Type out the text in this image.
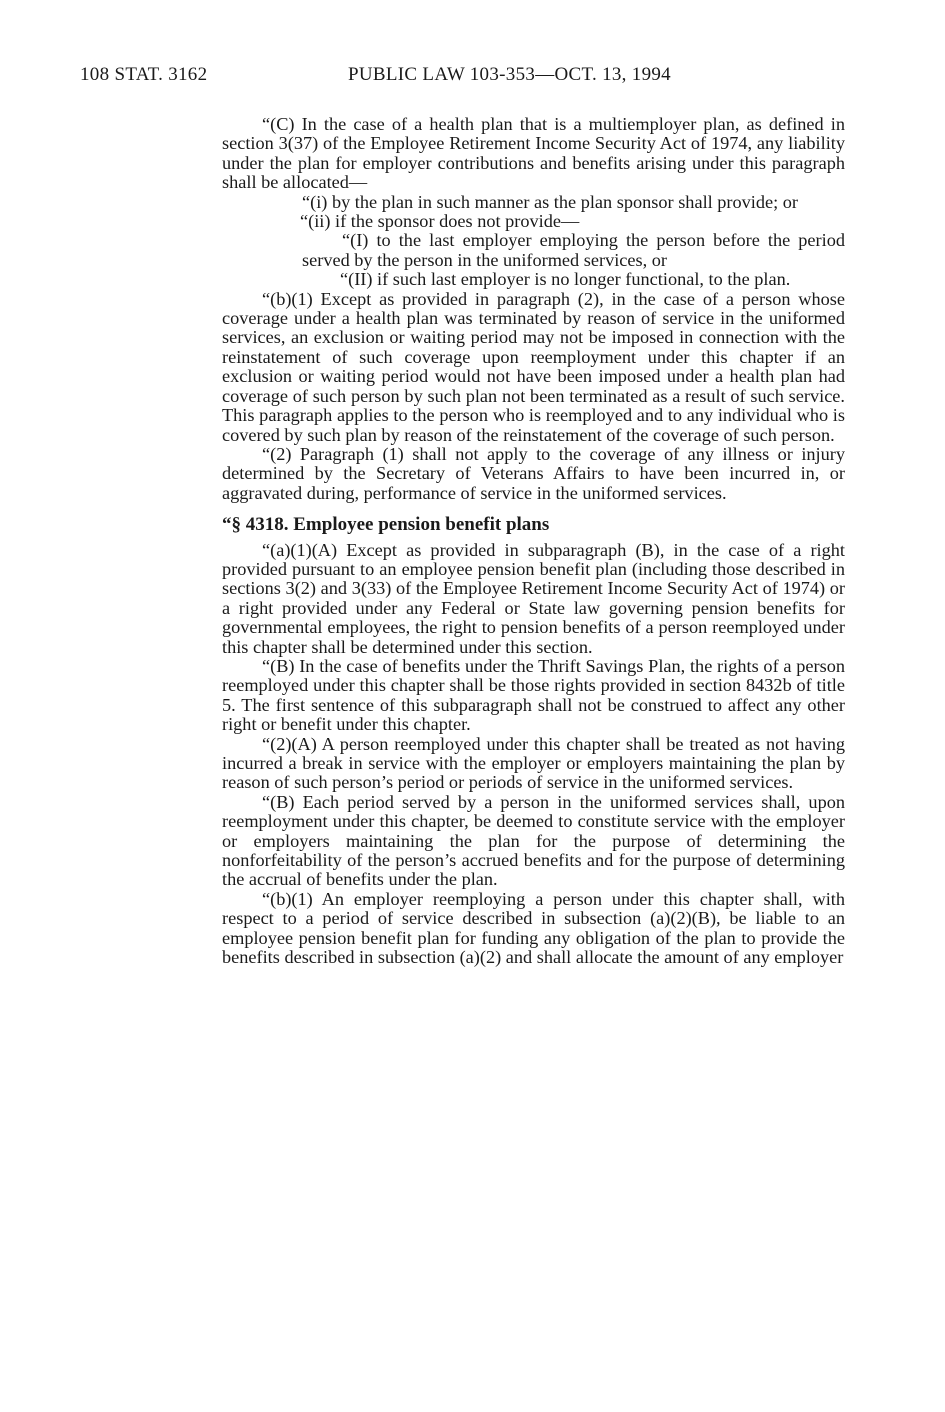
108 STAT. 3162	PUBLIC LAW 103-353—OCT. 13, 1994

“(C) In the case of a health plan that is a multiemployer plan, as defined in section 3(37) of the Employee Retirement Income Security Act of 1974, any liability under the plan for employer contributions and benefits arising under this paragraph shall be allocated—

“(i) by the plan in such manner as the plan sponsor shall provide; or

“(ii) if the sponsor does not provide—

“(I) to the last employer employing the person before the period served by the person in the uniformed services, or

“(II) if such last employer is no longer functional, to the plan.

“(b)(1) Except as provided in paragraph (2), in the case of a person whose coverage under a health plan was terminated by reason of service in the uniformed services, an exclusion or waiting period may not be imposed in connection with the reinstatement of such coverage upon reemployment under this chapter if an exclusion or waiting period would not have been imposed under a health plan had coverage of such person by such plan not been terminated as a result of such service. This paragraph applies to the person who is reemployed and to any individual who is covered by such plan by reason of the reinstatement of the coverage of such person.

“(2) Paragraph (1) shall not apply to the coverage of any illness or injury determined by the Secretary of Veterans Affairs to have been incurred in, or aggravated during, performance of service in the uniformed services.

“§ 4318. Employee pension benefit plans

“(a)(1)(A) Except as provided in subparagraph (B), in the case of a right provided pursuant to an employee pension benefit plan (including those described in sections 3(2) and 3(33) of the Employee Retirement Income Security Act of 1974) or a right provided under any Federal or State law governing pension benefits for governmental employees, the right to pension benefits of a person reemployed under this chapter shall be determined under this section.

“(B) In the case of benefits under the Thrift Savings Plan, the rights of a person reemployed under this chapter shall be those rights provided in section 8432b of title 5. The first sentence of this subparagraph shall not be construed to affect any other right or benefit under this chapter.

“(2)(A) A person reemployed under this chapter shall be treated as not having incurred a break in service with the employer or employers maintaining the plan by reason of such person’s period or periods of service in the uniformed services.

“(B) Each period served by a person in the uniformed services shall, upon reemployment under this chapter, be deemed to constitute service with the employer or employers maintaining the plan for the purpose of determining the nonforfeitability of the person’s accrued benefits and for the purpose of determining the accrual of benefits under the plan.

“(b)(1) An employer reemploying a person under this chapter shall, with respect to a period of service described in subsection (a)(2)(B), be liable to an employee pension benefit plan for funding any obligation of the plan to provide the benefits described in subsection (a)(2) and shall allocate the amount of any employer
